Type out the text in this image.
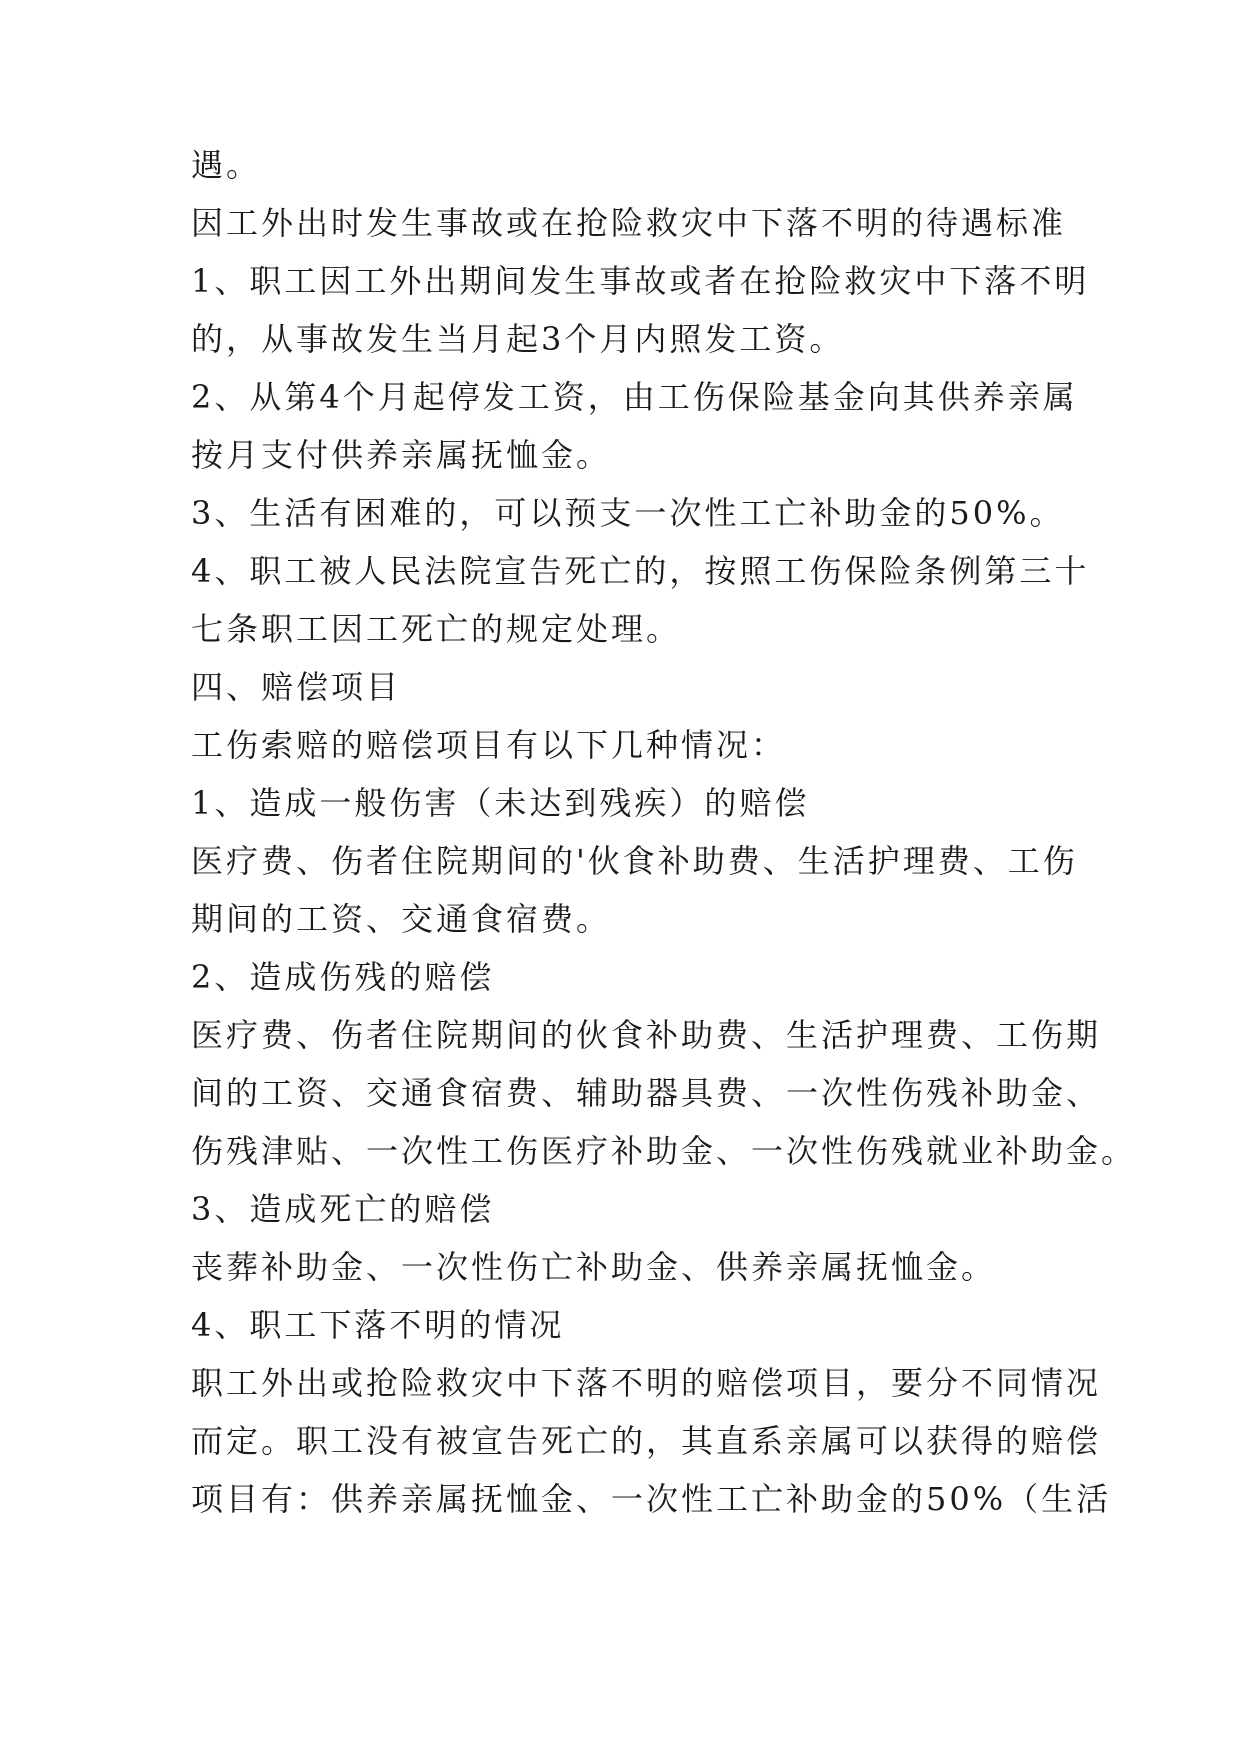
遇。

因工外出时发生事故或在抢险救灾中下落不明的待遇标准

1、职工因工外出期间发生事故或者在抢险救灾中下落不明

的，从事故发生当月起3个月内照发工资。

2、从第4个月起停发工资，由工伤保险基金向其供养亲属

按月支付供养亲属抚恤金。

3、生活有困难的，可以预支一次性工亡补助金的50%。

4、职工被人民法院宣告死亡的，按照工伤保险条例第三十

七条职工因工死亡的规定处理。

四、赔偿项目

工伤索赔的赔偿项目有以下几种情况：

1、造成一般伤害（未达到残疾）的赔偿

医疗费、伤者住院期间的'伙食补助费、生活护理费、工伤

期间的工资、交通食宿费。

2、造成伤残的赔偿

医疗费、伤者住院期间的伙食补助费、生活护理费、工伤期

间的工资、交通食宿费、辅助器具费、一次性伤残补助金、

伤残津贴、一次性工伤医疗补助金、一次性伤残就业补助金。

3、造成死亡的赔偿

丧葬补助金、一次性伤亡补助金、供养亲属抚恤金。

4、职工下落不明的情况

职工外出或抢险救灾中下落不明的赔偿项目，要分不同情况

而定。职工没有被宣告死亡的，其直系亲属可以获得的赔偿

项目有：供养亲属抚恤金、一次性工亡补助金的50%（生活
